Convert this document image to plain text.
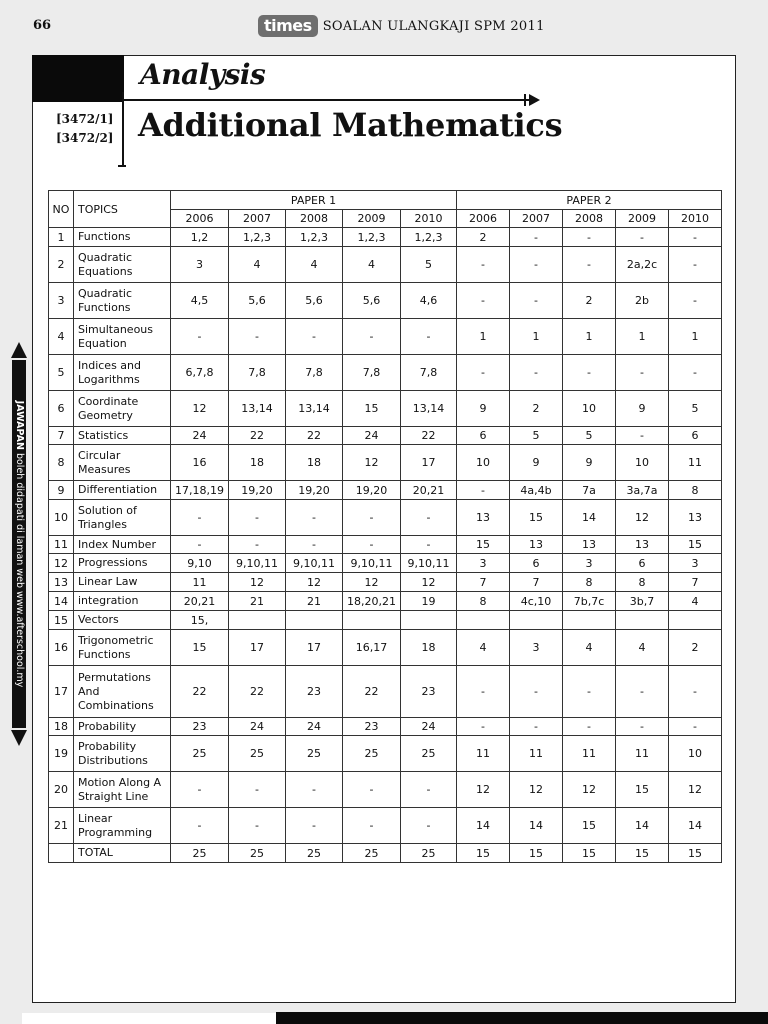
66	times SOALAN ULANGKAJI SPM 2011
Analysis
[3472/1]
[3472/2] Additional Mathematics
JAWAPAN boleh didapati di laman web www.afterschool.my
NO	TOPICS	PAPER 1					PAPER 2				
		2006	2007	2008	2009	2010	2006	2007	2008	2009	2010
1	Functions	1,2	1,2,3	1,2,3	1,2,3	1,2,3	2	-	-	-	-
2	Quadratic Equations	3	4	4	4	5	-	-	-	2a,2c	-
3	Quadratic Functions	4,5	5,6	5,6	5,6	4,6	-	-	2	2b	-
4	Simultaneous Equation	-	-	-	-	-	1	1	1	1	1
5	Indices and Logarithms	6,7,8	7,8	7,8	7,8	7,8	-	-	-	-	-
6	Coordinate Geometry	12	13,14	13,14	15	13,14	9	2	10	9	5
7	Statistics	24	22	22	24	22	6	5	5	-	6
8	Circular Measures	16	18	18	12	17	10	9	9	10	11
9	Differentiation	17,18,19	19,20	19,20	19,20	20,21	-	4a,4b	7a	3a,7a	8
10	Solution of Triangles	-	-	-	-	-	13	15	14	12	13
11	Index Number	-	-	-	-	-	15	13	13	13	15
12	Progressions	9,10	9,10,11	9,10,11	9,10,11	9,10,11	3	6	3	6	3
13	Linear Law	11	12	12	12	12	7	7	8	8	7
14	integration	20,21	21	21	18,20,21	19	8	4c,10	7b,7c	3b,7	4
15	Vectors	15,									
16	Trigonometric Functions	15	17	17	16,17	18	4	3	4	4	2
17	Permutations And Combinations	22	22	23	22	23	-	-	-	-	-
18	Probability	23	24	24	23	24	-	-	-	-	-
19	Probability Distributions	25	25	25	25	25	11	11	11	11	10
20	Motion Along A Straight Line	-	-	-	-	-	12	12	12	15	12
21	Linear Programming	-	-	-	-	-	14	14	15	14	14
	TOTAL	25	25	25	25	25	15	15	15	15	15
